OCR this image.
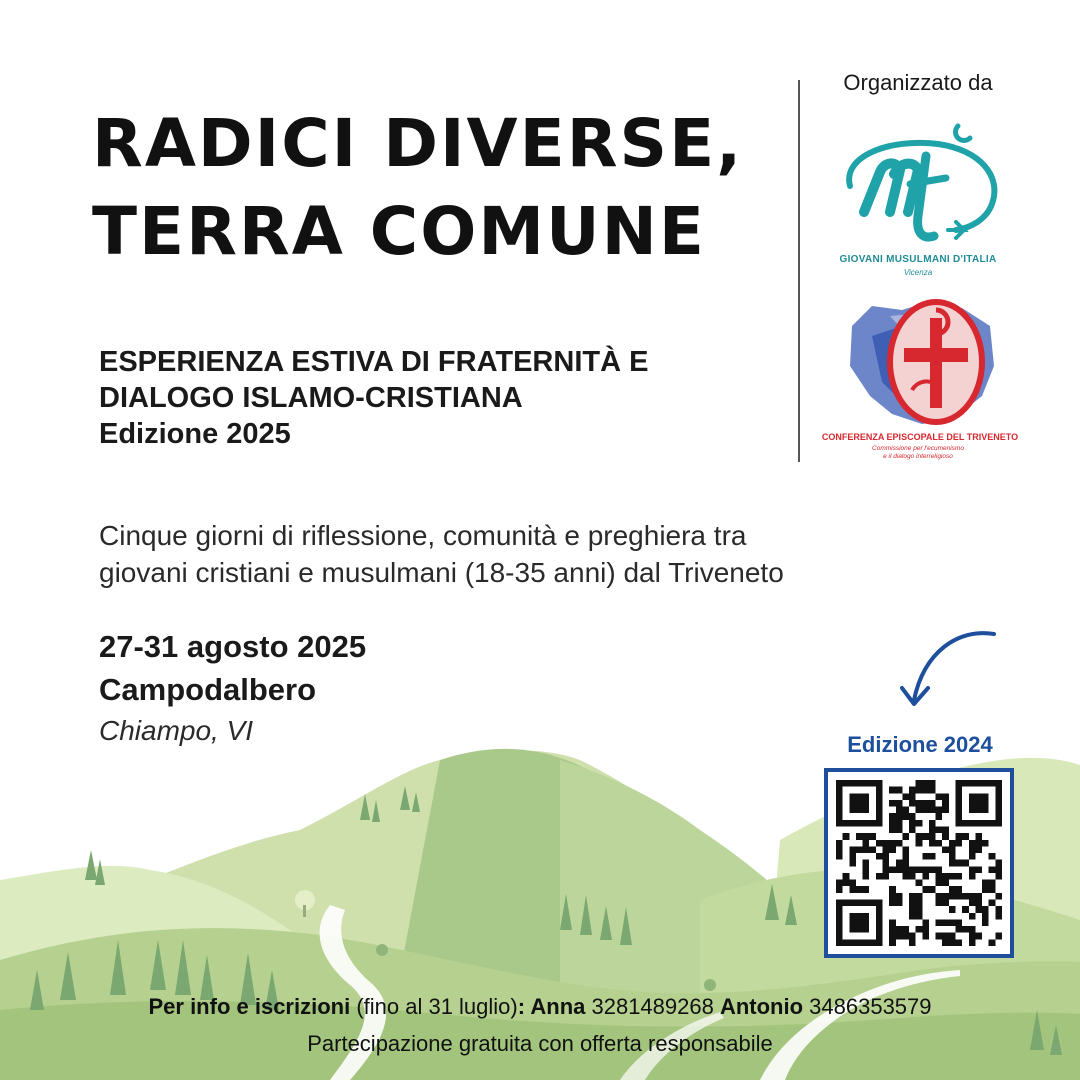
RADICI DIVERSE,
TERRA COMUNE
ESPERIENZA ESTIVA DI FRATERNITÀ E
DIALOGO ISLAMO-CRISTIANA
Edizione 2025
Cinque giorni di riflessione, comunità e preghiera tra
giovani cristiani e musulmani (18-35 anni) dal Triveneto
27-31 agosto 2025
Campodalbero
Chiampo, VI
Organizzato da
GIOVANI MUSULMANI D'ITALIA
Vicenza
CONFERENZA EPISCOPALE DEL TRIVENETO
Commissione per l'ecumenismo
e il dialogo interreligioso
Edizione 2024
Per info e iscrizioni (fino al 31 luglio): Anna 3281489268 Antonio 3486353579
Partecipazione gratuita con offerta responsabile
